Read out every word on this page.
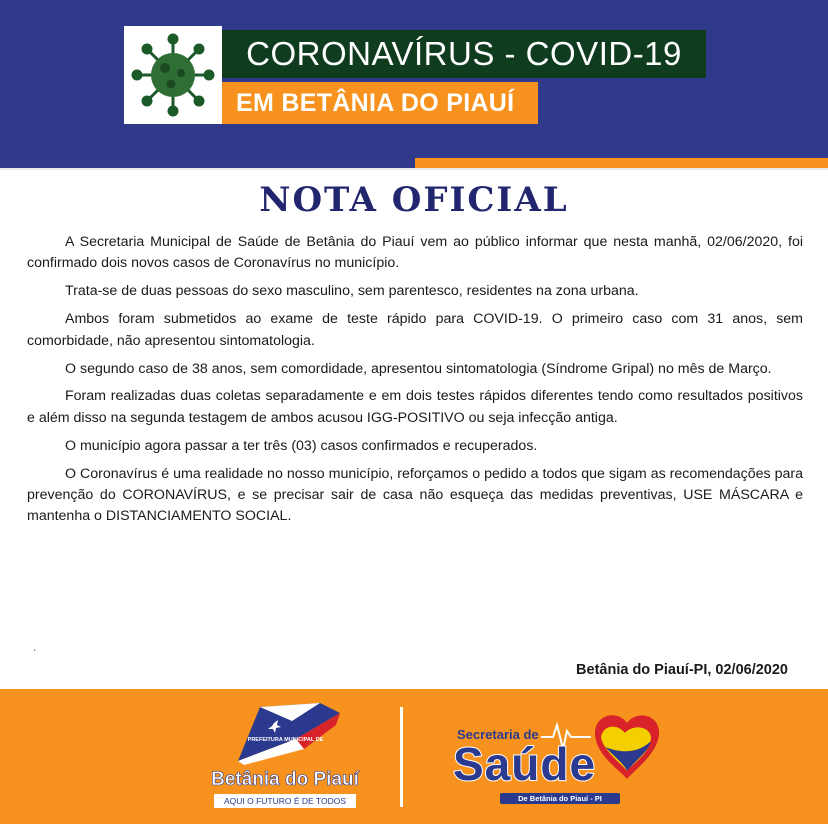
CORONAVÍRUS - COVID-19
EM BETÂNIA DO PIAUÍ
NOTA OFICIAL

A Secretaria Municipal de Saúde de Betânia do Piauí vem ao público informar que nesta manhã, 02/06/2020, foi confirmado dois novos casos de Coronavírus no município.

Trata-se de duas pessoas do sexo masculino, sem parentesco, residentes na zona urbana.

Ambos foram submetidos ao exame de teste rápido para COVID-19. O primeiro caso com 31 anos, sem comorbidade, não apresentou sintomatologia.

O segundo caso de 38 anos, sem comordidade, apresentou sintomatologia (Síndrome Gripal) no mês de Março.

Foram realizadas duas coletas separadamente e em dois testes rápidos diferentes tendo como resultados positivos e além disso na segunda testagem de ambos acusou IGG-POSITIVO ou seja infecção antiga.

O município agora passar a ter três (03) casos confirmados e recuperados.

O Coronavírus é uma realidade no nosso município, reforçamos o pedido a todos que sigam as recomendações para prevenção do CORONAVÍRUS, e se precisar sair de casa não esqueça das medidas preventivas, USE MÁSCARA e mantenha o DISTANCIAMENTO SOCIAL.

.
Betânia do Piauí-PI, 02/06/2020
PREFEITURA MUNICIPAL DE
Betânia do Piauí
AQUI O FUTURO É DE TODOS
Secretaria de
Saúde
De Betânia do Piauí - PI
